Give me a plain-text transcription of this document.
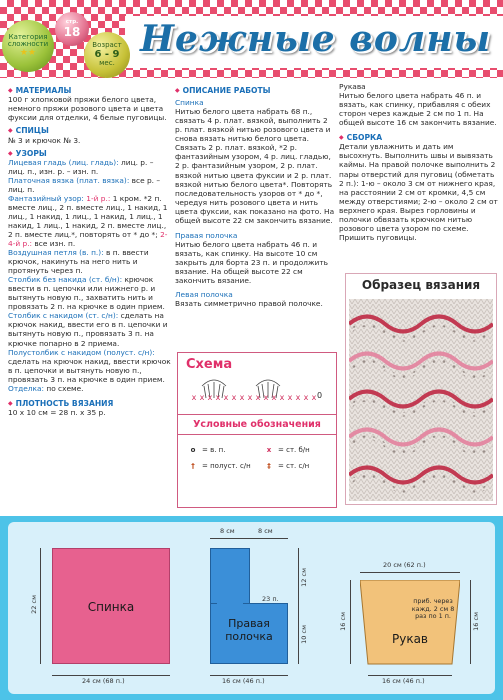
Нежные волны
Категория сложности
★★
стр.
18
Возраст
6 - 9
мес.
◆ МАТЕРИАЛЫ
100 г хлопковой пряжи белого цвета, немного пряжи розового цвета и цвета фуксии для отделки, 4 белые пуговицы.
◆ СПИЦЫ
№ 3 и крючок № 3.
◆ УЗОРЫ
Лицевая гладь (лиц. гладь): лиц. р. – лиц. п., изн. р. – изн. п.
Платочная вязка (плат. вязка): все р. – лиц. п.
Фантазийный узор: 1-й р.: 1 кром. *2 п. вместе лиц., 2 п. вместе лиц., 1 накид, 1 лиц., 1 накид, 1 лиц., 1 накид, 1 лиц., 1 накид, 1 лиц., 1 накид, 2 п. вместе лиц., 2 п. вместе лиц.*, повторять от * до *; 2-4-й р.: все изн. п.
Воздушная петля (в. п.): в п. ввести крючок, накинуть на него нить и протянуть через п.
Столбик без накида (ст. б/н): крючок ввести в п. цепочки или нижнего р. и вытянуть новую п., захватить нить и провязать 2 п. на крючке в один прием.
Столбик с накидом (ст. с/н): сделать на крючок накид, ввести его в п. цепочки и вытянуть новую п., провязать 3 п. на крючке попарно в 2 приема.
Полустолбик с накидом (полуст. с/н): сделать на крючок накид, ввести крючок в п. цепочки и вытянуть новую п., провязать 3 п. на крючке в один прием.
Отделка: по схеме.
◆ ПЛОТНОСТЬ ВЯЗАНИЯ
10 х 10 см = 28 п. х 35 р.
◆ ОПИСАНИЕ РАБОТЫ
Спинка
Нитью белого цвета набрать 68 п., связать 4 р. плат. вязкой, выполнить 2 р. плат. вязкой нитью розового цвета и снова вязать нитью белого цвета. Связать 2 р. плат. вязкой, *2 р. фантазийным узором, 4 р. лиц. гладью, 2 р. фантазийным узором, 2 р. плат. вязкой нитью цвета фуксии и 2 р. плат. вязкой нитью белого цвета*. Повторять последовательность узоров от * до *, чередуя нить розового цвета и нить цвета фуксии, как показано на фото. На общей высоте 22 см закончить вязание.
Правая полочка
Нитью белого цвета набрать 46 п. и вязать, как спинку. На высоте 10 см закрыть для борта 23 п. и продолжить вязание. На общей высоте 22 см закончить вязание.
Левая полочка
Вязать симметрично правой полочке.
Рукава
Нитью белого цвета набрать 46 п. и вязать, как спинку, прибавляя с обеих сторон через каждые 2 см по 1 п. На общей высоте 16 см закончить вязание.
◆ СБОРКА
Детали увлажнить и дать им высохнуть. Выполнить швы и вывязать каймы. На правой полочке выполнить 2 пары отверстий для пуговиц (обметать 2 п.): 1-ю – около 3 см от нижнего края, на расстоянии 2 см от кромки, 4,5 см между отверстиями; 2-ю – около 2 см от верхнего края. Вырез горловины и полочки обвязать крючком нитью розового цвета узором по схеме. Пришить пуговицы.
Образец вязания
Схема
x x x x x x x x x x x x x x x x 0
Условные обозначения
o = в. п.	x = ст. б/н
†	= полуст. с/н	‡	= ст. с/н
Спинка
22 см
24 см (68 п.)
Правая полочка
8 см	8 см
23 п.
12 см
10 см
16 см (46 п.)
20 см (62 п.)
приб. через кажд. 2 см 8 раз по 1 п.
Рукав
16 см	16 см
16 см (46 п.)
